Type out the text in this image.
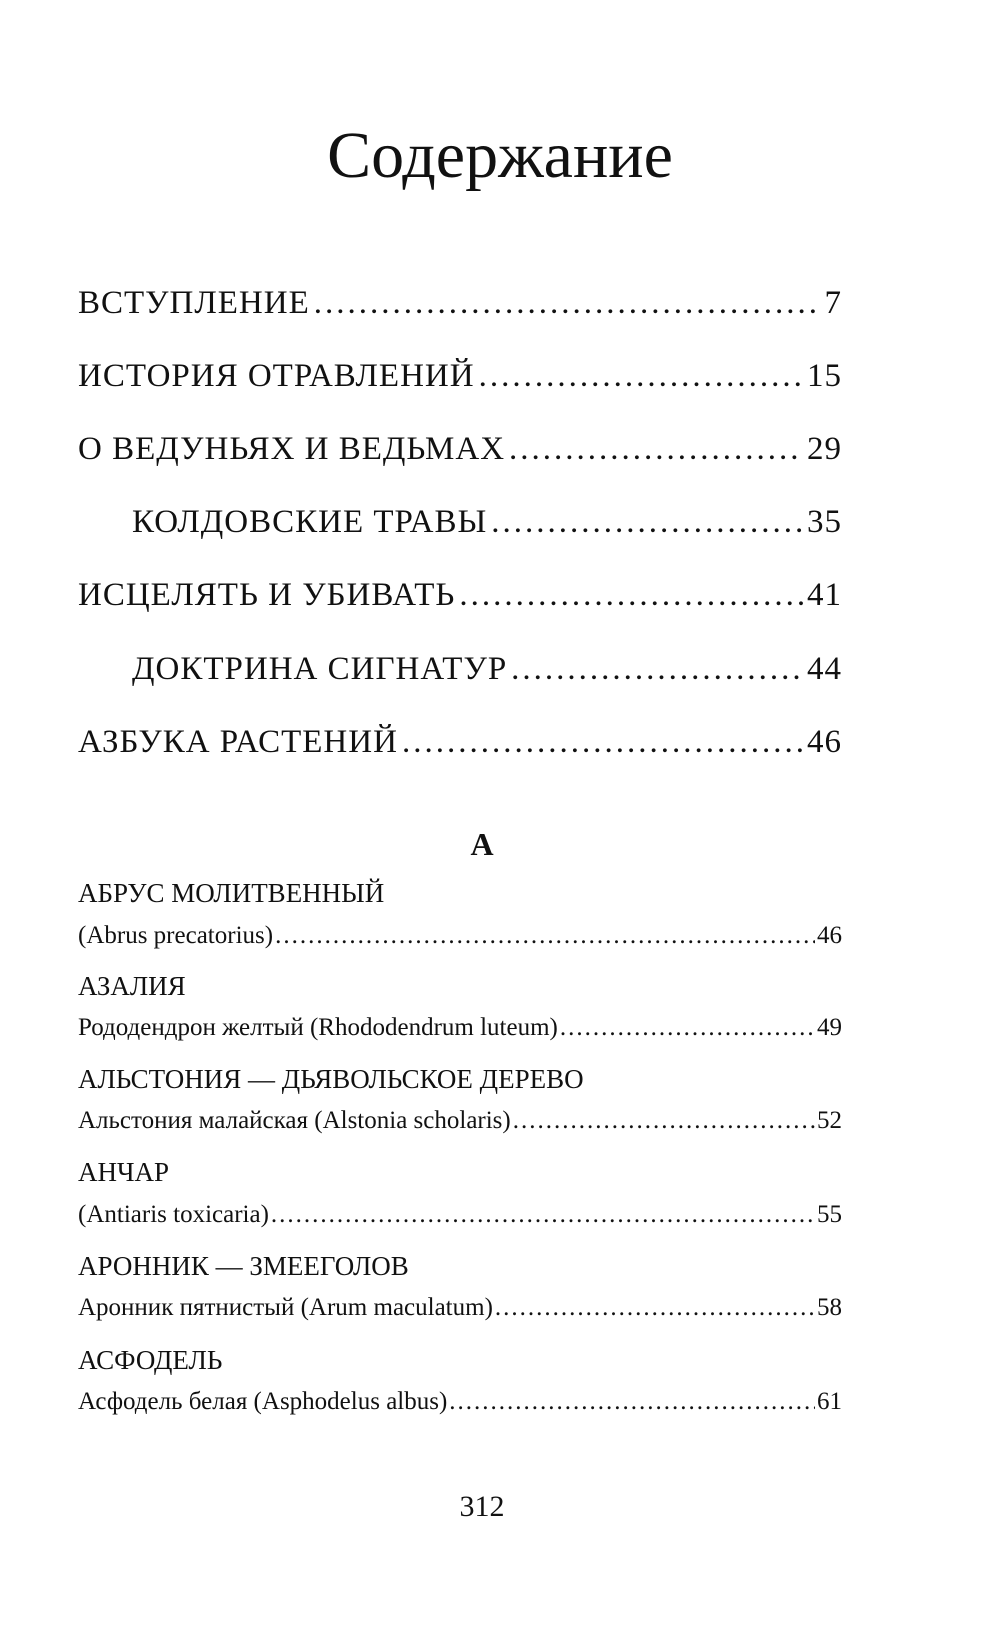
Содержание
ВСТУПЛЕНИЕ .....	7
ИСТОРИЯ ОТРАВЛЕНИЙ .....	15
О ВЕДУНЬЯХ И ВЕДЬМАХ .....	29
КОЛДОВСКИЕ ТРАВЫ .....	35
ИСЦЕЛЯТЬ И УБИВАТЬ .....	41
ДОКТРИНА СИГНАТУР .....	44
АЗБУКА РАСТЕНИЙ .....	46
А
АБРУС МОЛИТВЕННЫЙ
(Abrus precatorius) .....	46
АЗАЛИЯ
Рододендрон желтый (Rhododendrum luteum) .....	49
АЛЬСТОНИЯ — ДЬЯВОЛЬСКОЕ ДЕРЕВО
Альстония малайская (Alstonia scholaris) .....	52
АНЧАР
(Antiaris toxicaria) .....	55
АРОННИК — ЗМЕЕГОЛОВ
Аронник пятнистый (Arum maculatum) .....	58
АСФОДЕЛЬ
Асфодель белая (Asphodelus albus) .....	61
312
